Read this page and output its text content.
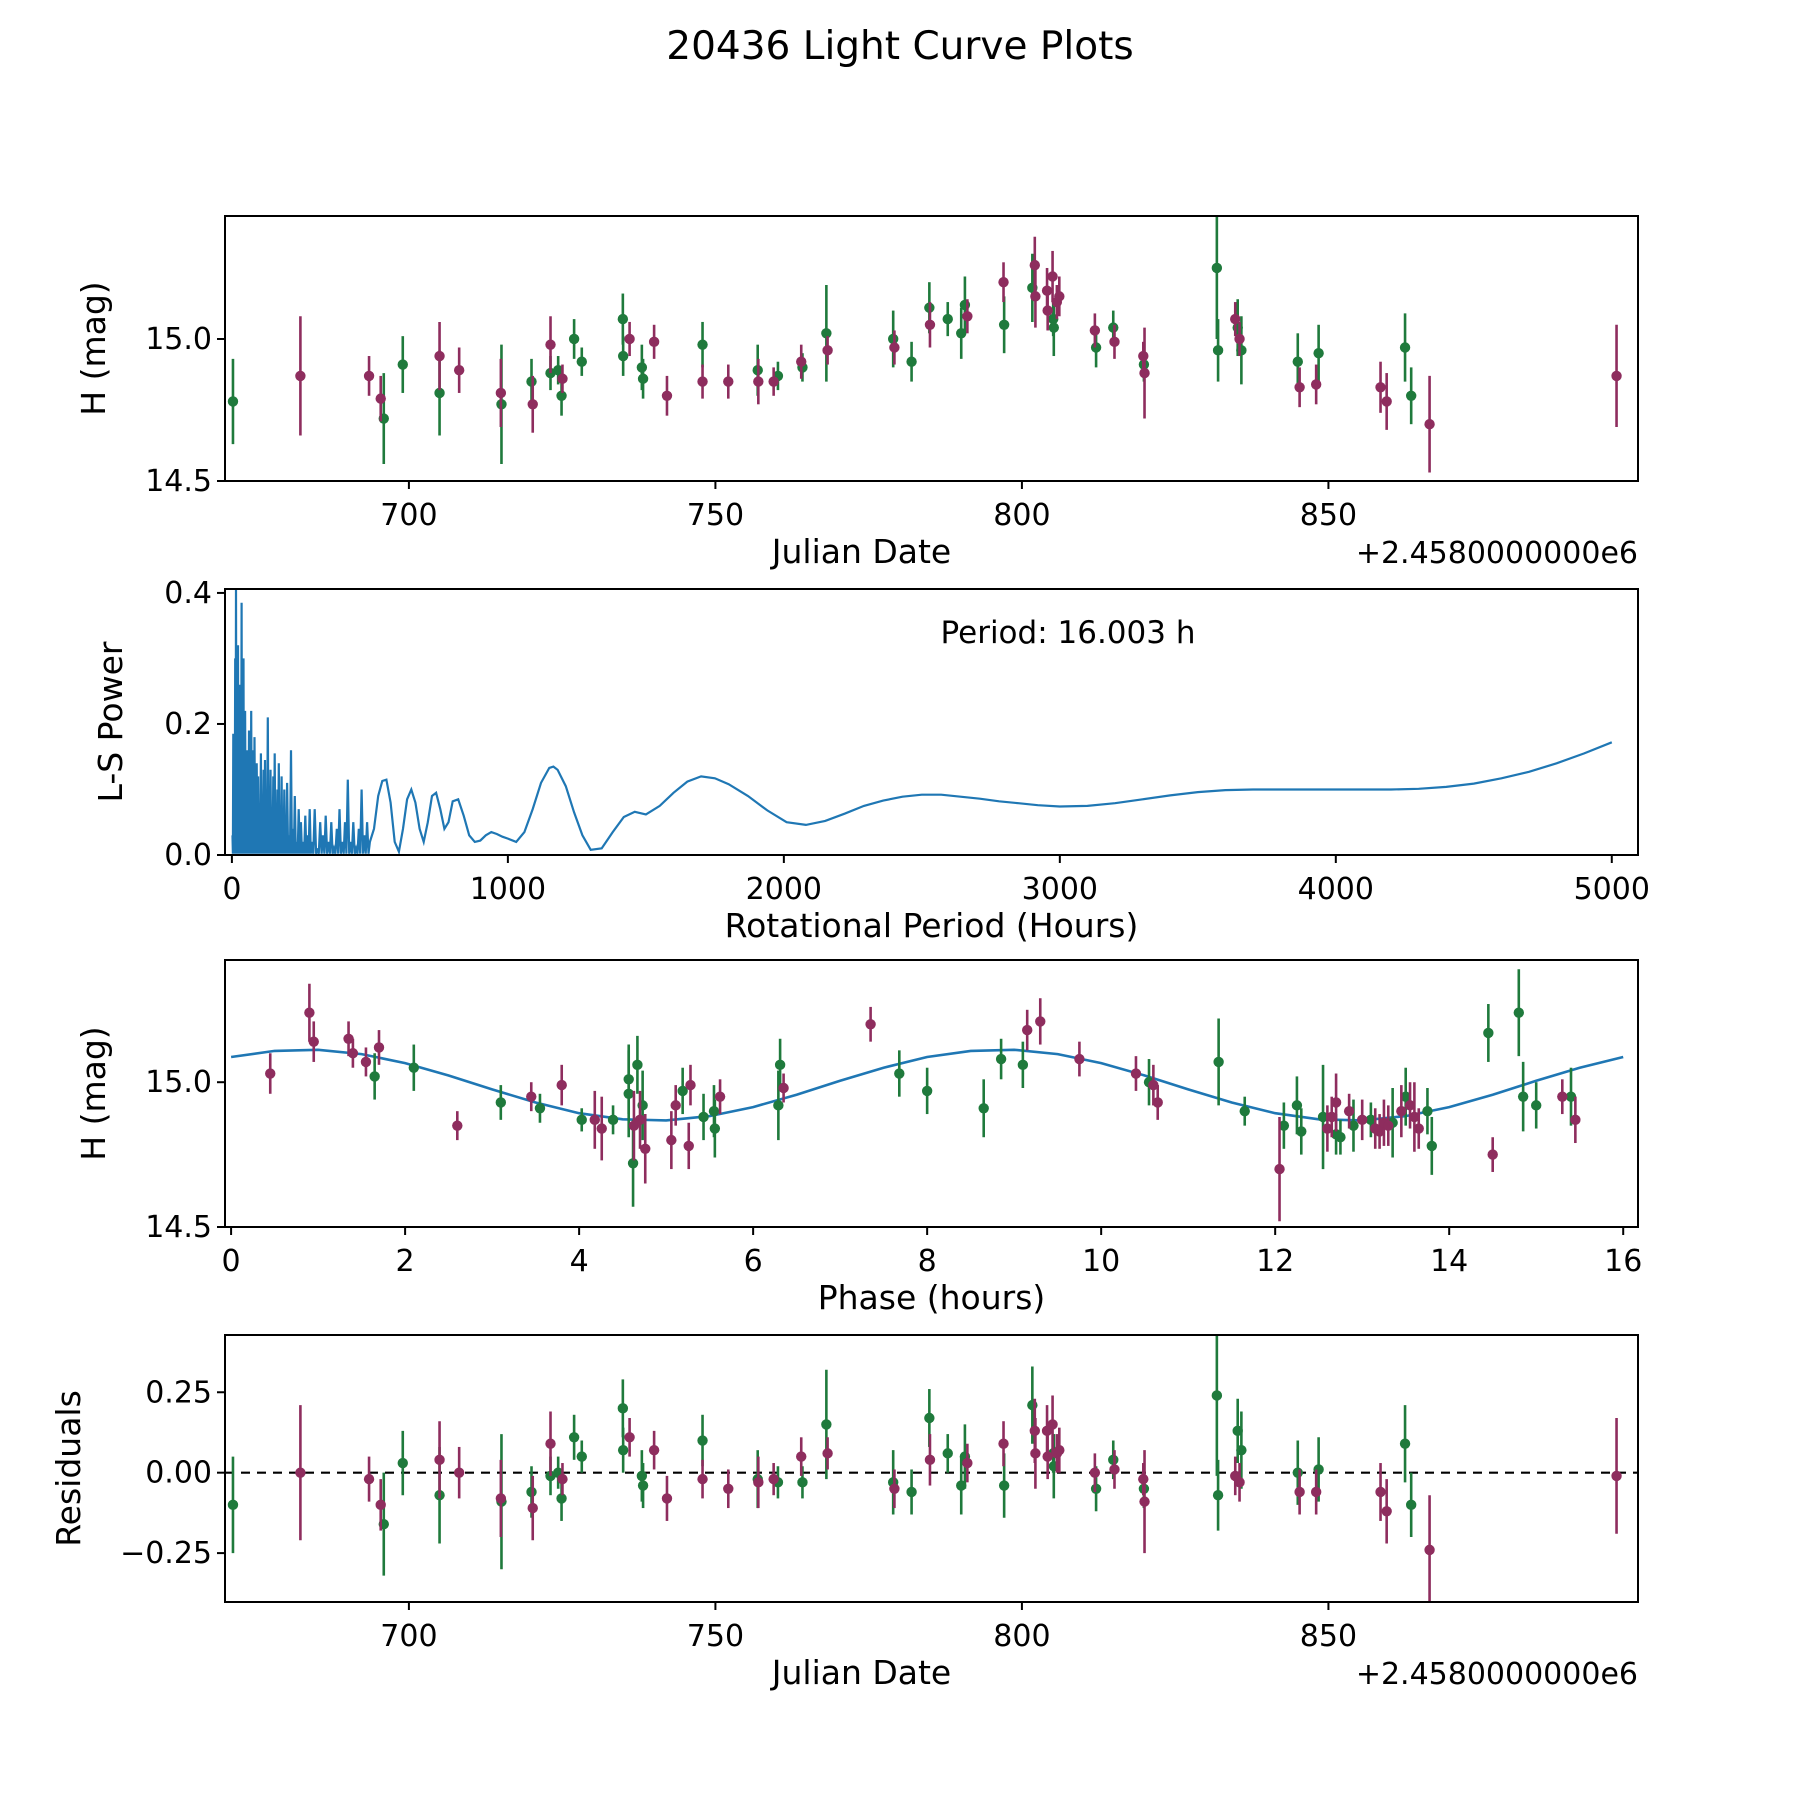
20436 Light Curve Plots
700	750	800	850
15.0
14.5
Julian Date	+2.4580000000e6
H (mag)
0	1000	2000	3000	4000	5000
0.0
0.2
0.4
Rotational Period (Hours)
L-S Power
Period: 16.003 h
0	2	4	6	8	10	12	14	16
15.0
14.5
Phase (hours)
H (mag)
700	750	800	850
0.25
0.00
−0.25
Julian Date	+2.4580000000e6
Residuals
